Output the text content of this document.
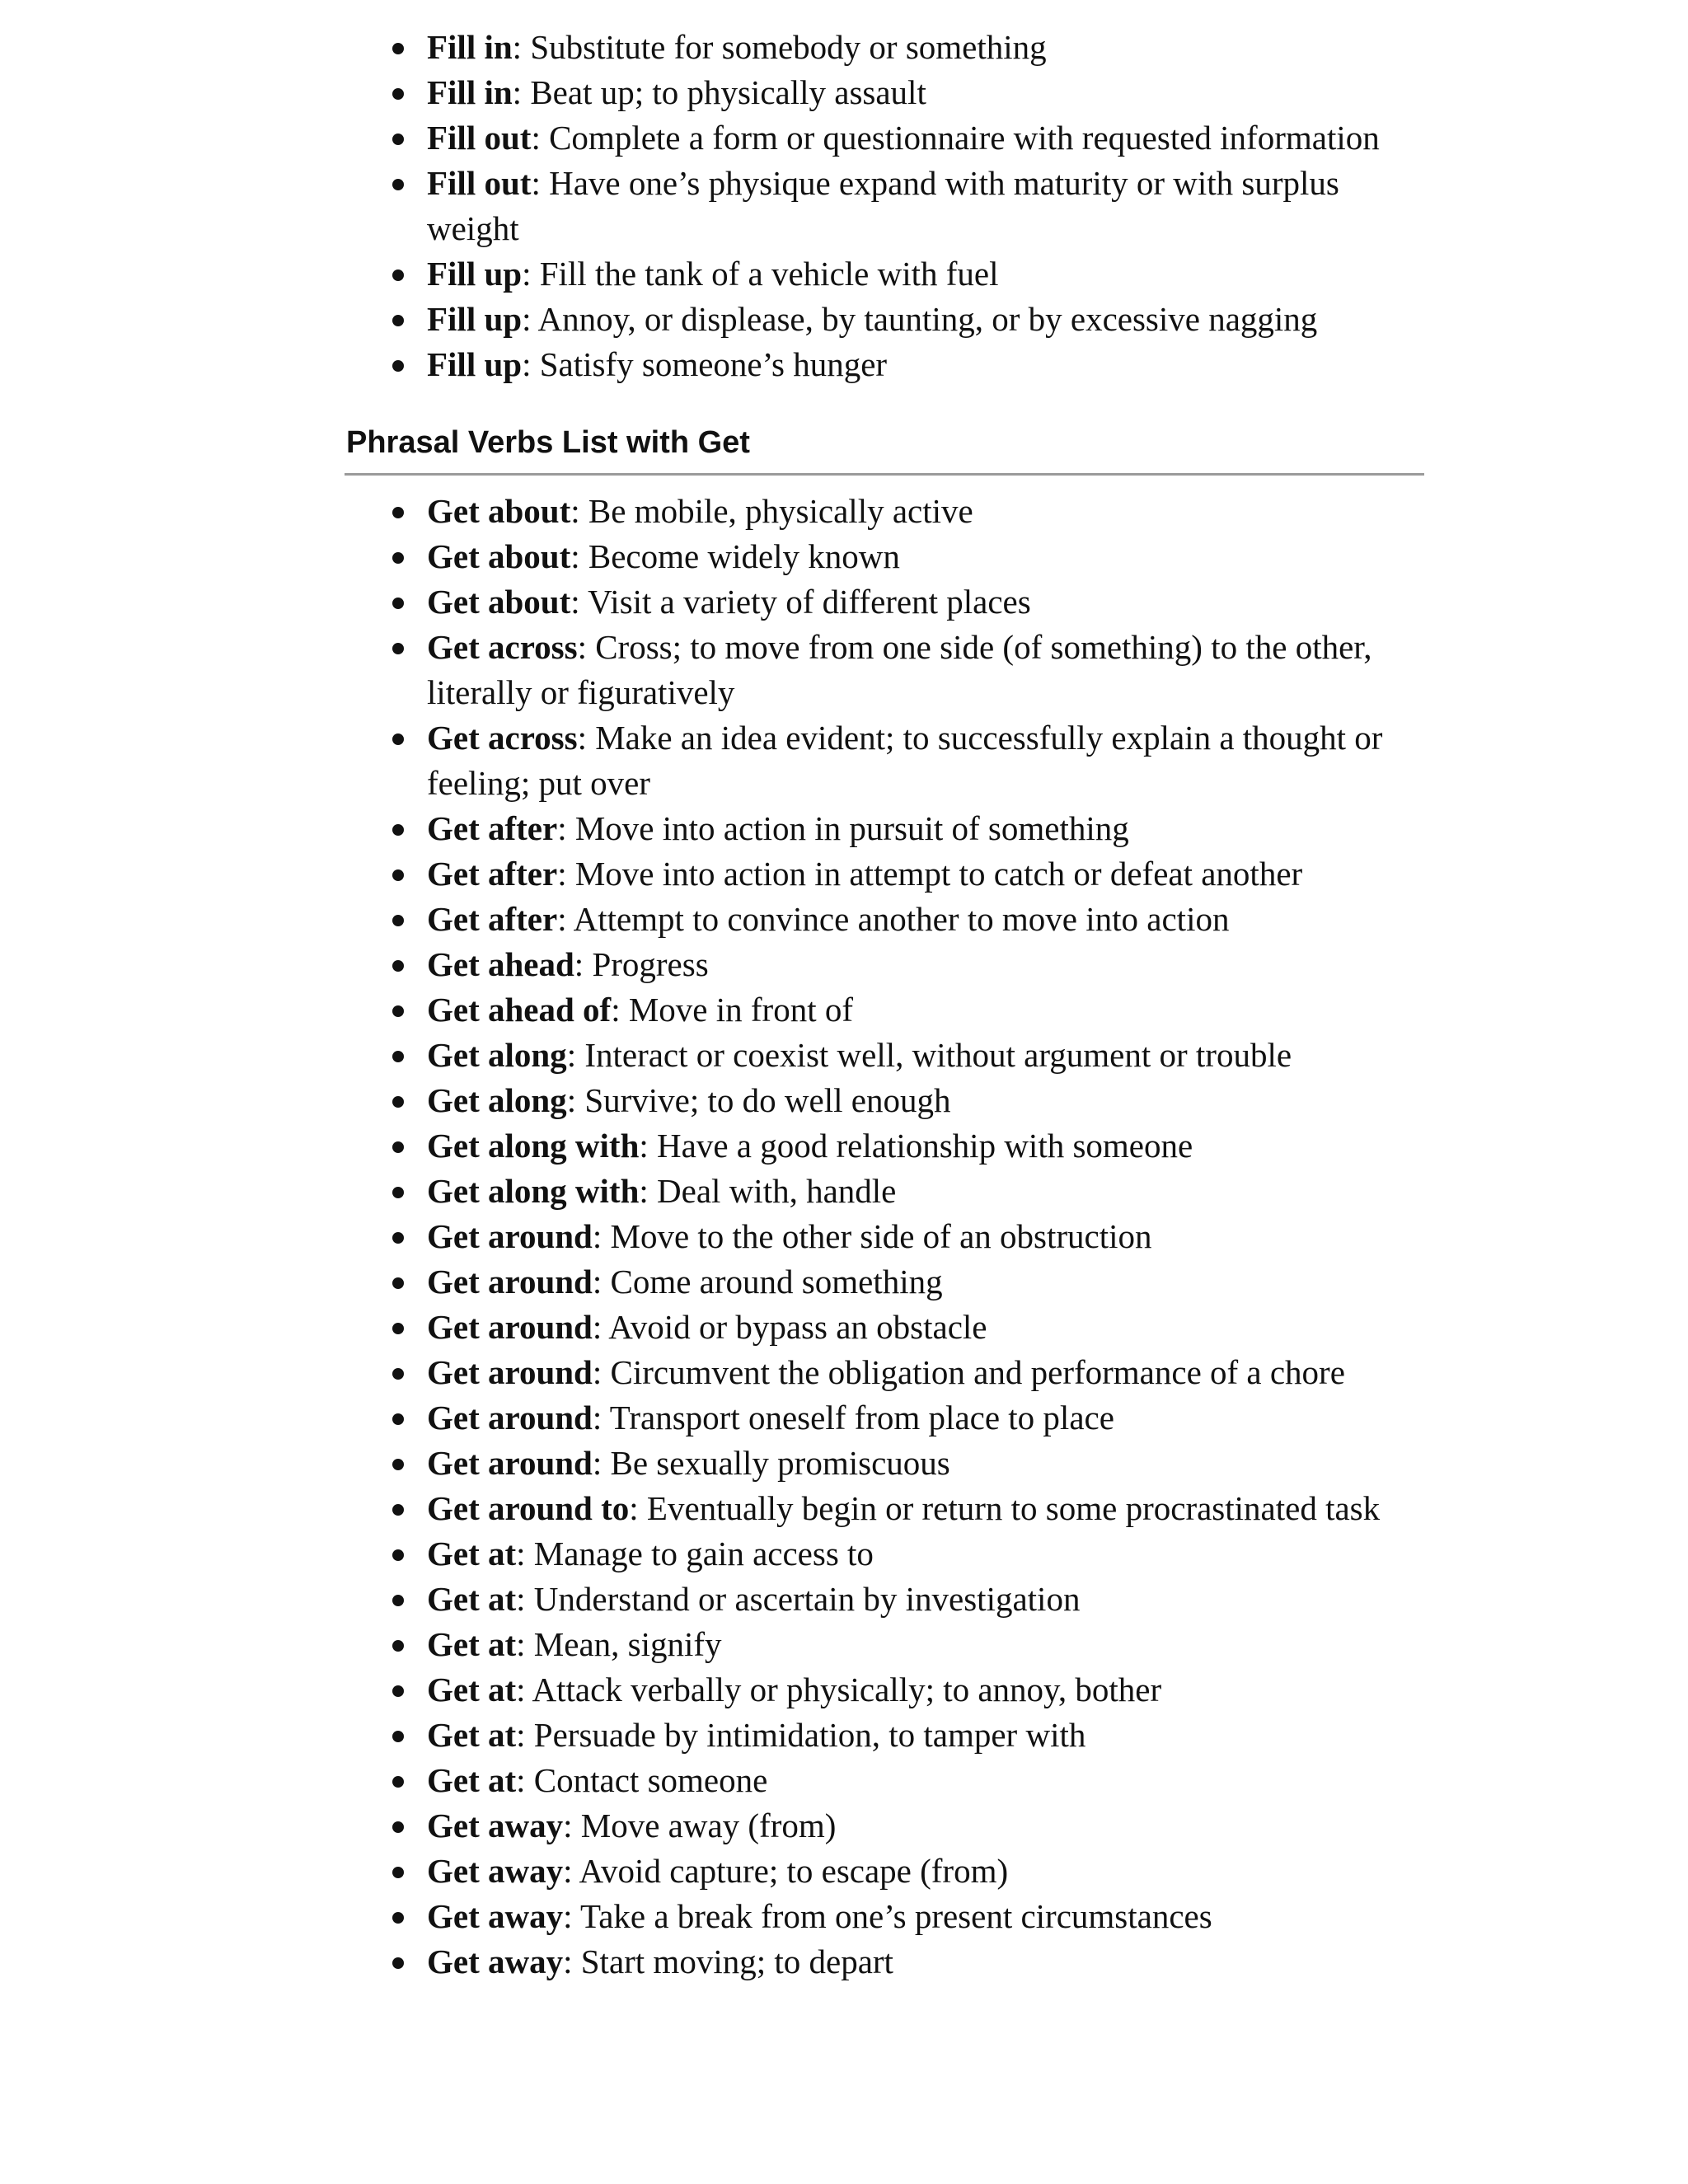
Fill in: Substitute for somebody or something
Fill in: Beat up; to physically assault
Fill out: Complete a form or questionnaire with requested information
Fill out: Have one’s physique expand with maturity or with surplus weight
Fill up: Fill the tank of a vehicle with fuel
Fill up: Annoy, or displease, by taunting, or by excessive nagging
Fill up: Satisfy someone’s hunger
Phrasal Verbs List with Get
Get about: Be mobile, physically active
Get about: Become widely known
Get about: Visit a variety of different places
Get across: Cross; to move from one side (of something) to the other, literally or figuratively
Get across: Make an idea evident; to successfully explain a thought or feeling; put over
Get after: Move into action in pursuit of something
Get after: Move into action in attempt to catch or defeat another
Get after: Attempt to convince another to move into action
Get ahead: Progress
Get ahead of: Move in front of
Get along: Interact or coexist well, without argument or trouble
Get along: Survive; to do well enough
Get along with: Have a good relationship with someone
Get along with: Deal with, handle
Get around: Move to the other side of an obstruction
Get around: Come around something
Get around: Avoid or bypass an obstacle
Get around: Circumvent the obligation and performance of a chore
Get around: Transport oneself from place to place
Get around: Be sexually promiscuous
Get around to: Eventually begin or return to some procrastinated task
Get at: Manage to gain access to
Get at: Understand or ascertain by investigation
Get at: Mean, signify
Get at: Attack verbally or physically; to annoy, bother
Get at: Persuade by intimidation, to tamper with
Get at: Contact someone
Get away: Move away (from)
Get away: Avoid capture; to escape (from)
Get away: Take a break from one’s present circumstances
Get away: Start moving; to depart
